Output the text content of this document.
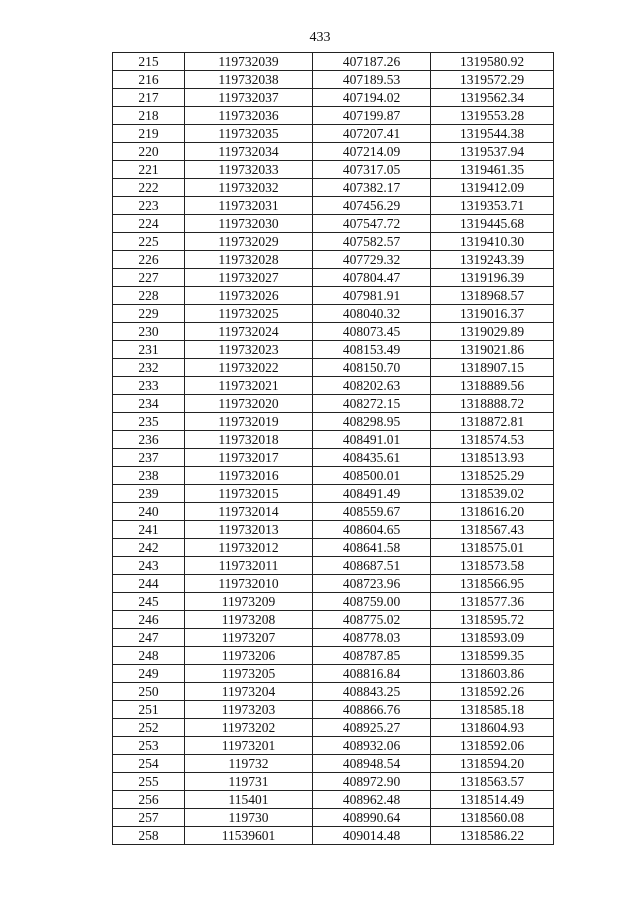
433
215	119732039	407187.26	1319580.92
216	119732038	407189.53	1319572.29
217	119732037	407194.02	1319562.34
218	119732036	407199.87	1319553.28
219	119732035	407207.41	1319544.38
220	119732034	407214.09	1319537.94
221	119732033	407317.05	1319461.35
222	119732032	407382.17	1319412.09
223	119732031	407456.29	1319353.71
224	119732030	407547.72	1319445.68
225	119732029	407582.57	1319410.30
226	119732028	407729.32	1319243.39
227	119732027	407804.47	1319196.39
228	119732026	407981.91	1318968.57
229	119732025	408040.32	1319016.37
230	119732024	408073.45	1319029.89
231	119732023	408153.49	1319021.86
232	119732022	408150.70	1318907.15
233	119732021	408202.63	1318889.56
234	119732020	408272.15	1318888.72
235	119732019	408298.95	1318872.81
236	119732018	408491.01	1318574.53
237	119732017	408435.61	1318513.93
238	119732016	408500.01	1318525.29
239	119732015	408491.49	1318539.02
240	119732014	408559.67	1318616.20
241	119732013	408604.65	1318567.43
242	119732012	408641.58	1318575.01
243	119732011	408687.51	1318573.58
244	119732010	408723.96	1318566.95
245	11973209	408759.00	1318577.36
246	11973208	408775.02	1318595.72
247	11973207	408778.03	1318593.09
248	11973206	408787.85	1318599.35
249	11973205	408816.84	1318603.86
250	11973204	408843.25	1318592.26
251	11973203	408866.76	1318585.18
252	11973202	408925.27	1318604.93
253	11973201	408932.06	1318592.06
254	119732	408948.54	1318594.20
255	119731	408972.90	1318563.57
256	115401	408962.48	1318514.49
257	119730	408990.64	1318560.08
258	11539601	409014.48	1318586.22
